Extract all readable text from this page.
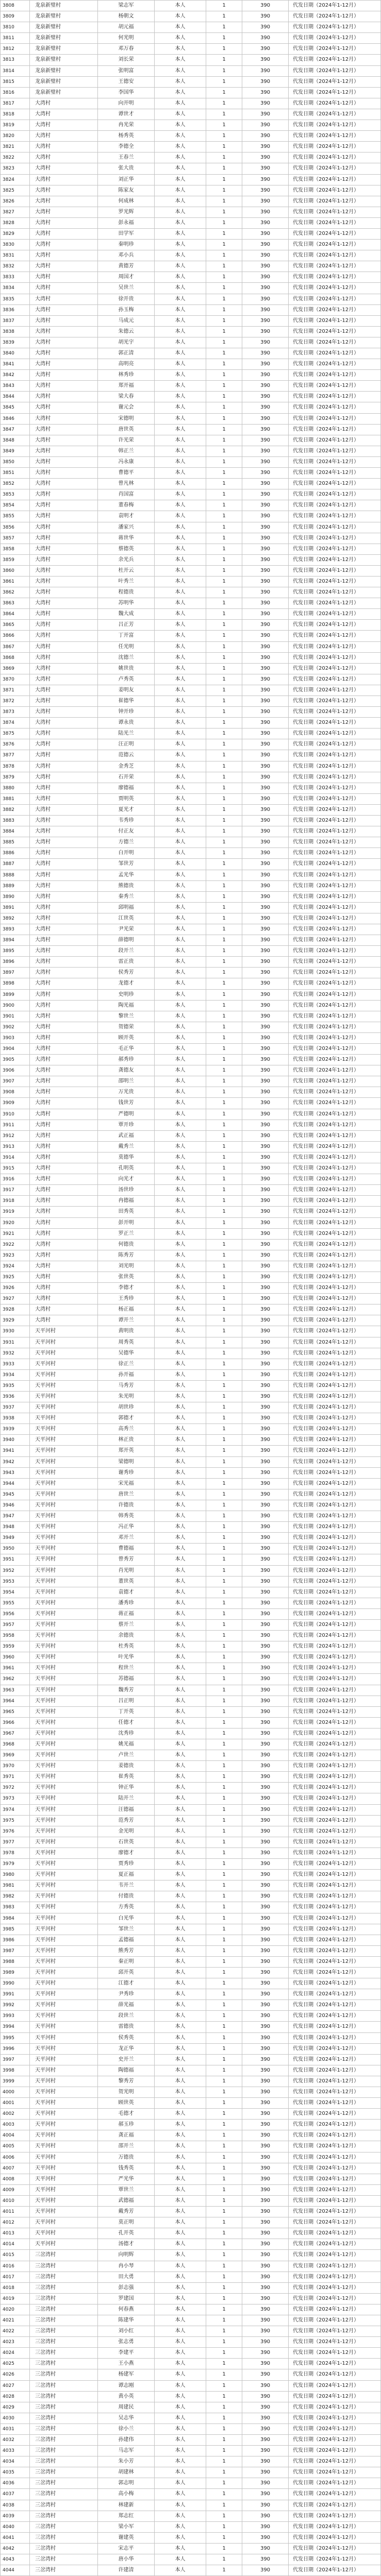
3808	龙泉新璧村	梁志军	本人	1	390	代发日期（2024年1-12月）
3809	龙泉新璧村	杨朝文	本人	1	390	代发日期（2024年1-12月）
3810	龙泉新璧村	胡元福	本人	1	390	代发日期（2024年1-12月）
3811	龙泉新璧村	何光明	本人	1	390	代发日期（2024年1-12月）
3812	龙泉新璧村	邓万春	本人	1	390	代发日期（2024年1-12月）
3813	龙泉新璧村	刘长荣	本人	1	390	代发日期（2024年1-12月）
3814	龙泉新璧村	张明富	本人	1	390	代发日期（2024年1-12月）
3815	龙泉新璧村	王德安	本人	1	390	代发日期（2024年1-12月）
3816	龙泉新璧村	李国华	本人	1	390	代发日期（2024年1-12月）
3817	大湾村	向开明	本人	1	390	代发日期（2024年1-12月）
3818	大湾村	谭世才	本人	1	390	代发日期（2024年1-12月）
3819	大湾村	冉光荣	本人	1	390	代发日期（2024年1-12月）
3820	大湾村	杨秀英	本人	1	390	代发日期（2024年1-12月）
3821	大湾村	李德全	本人	1	390	代发日期（2024年1-12月）
3822	大湾村	王春兰	本人	1	390	代发日期（2024年1-12月）
3823	大湾村	张大贵	本人	1	390	代发日期（2024年1-12月）
3824	大湾村	刘正华	本人	1	390	代发日期（2024年1-12月）
3825	大湾村	陈家友	本人	1	390	代发日期（2024年1-12月）
3826	大湾村	何成林	本人	1	390	代发日期（2024年1-12月）
3827	大湾村	罗光辉	本人	1	390	代发日期（2024年1-12月）
3828	大湾村	彭永福	本人	1	390	代发日期（2024年1-12月）
3829	大湾村	田学军	本人	1	390	代发日期（2024年1-12月）
3830	大湾村	秦明珍	本人	1	390	代发日期（2024年1-12月）
3831	大湾村	邓小兵	本人	1	390	代发日期（2024年1-12月）
3832	大湾村	黄德芳	本人	1	390	代发日期（2024年1-12月）
3833	大湾村	周国才	本人	1	390	代发日期（2024年1-12月）
3834	大湾村	吴世兰	本人	1	390	代发日期（2024年1-12月）
3835	大湾村	徐开贵	本人	1	390	代发日期（2024年1-12月）
3836	大湾村	孙玉梅	本人	1	390	代发日期（2024年1-12月）
3837	大湾村	马成元	本人	1	390	代发日期（2024年1-12月）
3838	大湾村	朱德云	本人	1	390	代发日期（2024年1-12月）
3839	大湾村	胡光宇	本人	1	390	代发日期（2024年1-12月）
3840	大湾村	郭正清	本人	1	390	代发日期（2024年1-12月）
3841	大湾村	高明亮	本人	1	390	代发日期（2024年1-12月）
3842	大湾村	林秀珍	本人	1	390	代发日期（2024年1-12月）
3843	大湾村	郑开福	本人	1	390	代发日期（2024年1-12月）
3844	大湾村	梁大春	本人	1	390	代发日期（2024年1-12月）
3845	大湾村	谢元会	本人	1	390	代发日期（2024年1-12月）
3846	大湾村	宋德明	本人	1	390	代发日期（2024年1-12月）
3847	大湾村	唐世英	本人	1	390	代发日期（2024年1-12月）
3848	大湾村	许光荣	本人	1	390	代发日期（2024年1-12月）
3849	大湾村	韩正兰	本人	1	390	代发日期（2024年1-12月）
3850	大湾村	冯永康	本人	1	390	代发日期（2024年1-12月）
3851	大湾村	曹德平	本人	1	390	代发日期（2024年1-12月）
3852	大湾村	曾凡林	本人	1	390	代发日期（2024年1-12月）
3853	大湾村	肖国富	本人	1	390	代发日期（2024年1-12月）
3854	大湾村	董春梅	本人	1	390	代发日期（2024年1-12月）
3855	大湾村	袁明才	本人	1	390	代发日期（2024年1-12月）
3856	大湾村	潘家兴	本人	1	390	代发日期（2024年1-12月）
3857	大湾村	蒋世华	本人	1	390	代发日期（2024年1-12月）
3858	大湾村	蔡德英	本人	1	390	代发日期（2024年1-12月）
3859	大湾村	余光兵	本人	1	390	代发日期（2024年1-12月）
3860	大湾村	杜开云	本人	1	390	代发日期（2024年1-12月）
3861	大湾村	叶秀兰	本人	1	390	代发日期（2024年1-12月）
3862	大湾村	程德贵	本人	1	390	代发日期（2024年1-12月）
3863	大湾村	苏明华	本人	1	390	代发日期（2024年1-12月）
3864	大湾村	魏大成	本人	1	390	代发日期（2024年1-12月）
3865	大湾村	吕正芳	本人	1	390	代发日期（2024年1-12月）
3866	大湾村	丁开富	本人	1	390	代发日期（2024年1-12月）
3867	大湾村	任光明	本人	1	390	代发日期（2024年1-12月）
3868	大湾村	沈德兰	本人	1	390	代发日期（2024年1-12月）
3869	大湾村	姚世贵	本人	1	390	代发日期（2024年1-12月）
3870	大湾村	卢秀英	本人	1	390	代发日期（2024年1-12月）
3871	大湾村	姜明友	本人	1	390	代发日期（2024年1-12月）
3872	大湾村	崔德华	本人	1	390	代发日期（2024年1-12月）
3873	大湾村	钟开珍	本人	1	390	代发日期（2024年1-12月）
3874	大湾村	谭永贵	本人	1	390	代发日期（2024年1-12月）
3875	大湾村	陆光兰	本人	1	390	代发日期（2024年1-12月）
3876	大湾村	汪正明	本人	1	390	代发日期（2024年1-12月）
3877	大湾村	范德云	本人	1	390	代发日期（2024年1-12月）
3878	大湾村	金秀芝	本人	1	390	代发日期（2024年1-12月）
3879	大湾村	石开荣	本人	1	390	代发日期（2024年1-12月）
3880	大湾村	廖德福	本人	1	390	代发日期（2024年1-12月）
3881	大湾村	贾明英	本人	1	390	代发日期（2024年1-12月）
3882	大湾村	夏光才	本人	1	390	代发日期（2024年1-12月）
3883	大湾村	韦秀珍	本人	1	390	代发日期（2024年1-12月）
3884	大湾村	付正友	本人	1	390	代发日期（2024年1-12月）
3885	大湾村	方德兰	本人	1	390	代发日期（2024年1-12月）
3886	大湾村	白开明	本人	1	390	代发日期（2024年1-12月）
3887	大湾村	邹世芳	本人	1	390	代发日期（2024年1-12月）
3888	大湾村	孟光华	本人	1	390	代发日期（2024年1-12月）
3889	大湾村	熊德贵	本人	1	390	代发日期（2024年1-12月）
3890	大湾村	秦秀兰	本人	1	390	代发日期（2024年1-12月）
3891	大湾村	邱明福	本人	1	390	代发日期（2024年1-12月）
3892	大湾村	江世英	本人	1	390	代发日期（2024年1-12月）
3893	大湾村	尹光荣	本人	1	390	代发日期（2024年1-12月）
3894	大湾村	薛德明	本人	1	390	代发日期（2024年1-12月）
3895	大湾村	段开兰	本人	1	390	代发日期（2024年1-12月）
3896	大湾村	雷正贵	本人	1	390	代发日期（2024年1-12月）
3897	大湾村	侯秀芳	本人	1	390	代发日期（2024年1-12月）
3898	大湾村	龙德才	本人	1	390	代发日期（2024年1-12月）
3899	大湾村	史明珍	本人	1	390	代发日期（2024年1-12月）
3900	大湾村	陶光福	本人	1	390	代发日期（2024年1-12月）
3901	大湾村	黎世兰	本人	1	390	代发日期（2024年1-12月）
3902	大湾村	贺德荣	本人	1	390	代发日期（2024年1-12月）
3903	大湾村	顾开英	本人	1	390	代发日期（2024年1-12月）
3904	大湾村	毛正华	本人	1	390	代发日期（2024年1-12月）
3905	大湾村	郝秀珍	本人	1	390	代发日期（2024年1-12月）
3906	大湾村	龚德友	本人	1	390	代发日期（2024年1-12月）
3907	大湾村	邵明兰	本人	1	390	代发日期（2024年1-12月）
3908	大湾村	万光贵	本人	1	390	代发日期（2024年1-12月）
3909	大湾村	钱世芳	本人	1	390	代发日期（2024年1-12月）
3910	大湾村	严德明	本人	1	390	代发日期（2024年1-12月）
3911	大湾村	覃开珍	本人	1	390	代发日期（2024年1-12月）
3912	大湾村	武正福	本人	1	390	代发日期（2024年1-12月）
3913	大湾村	戴秀兰	本人	1	390	代发日期（2024年1-12月）
3914	大湾村	莫德华	本人	1	390	代发日期（2024年1-12月）
3915	大湾村	孔明英	本人	1	390	代发日期（2024年1-12月）
3916	大湾村	向光才	本人	1	390	代发日期（2024年1-12月）
3917	大湾村	汤世珍	本人	1	390	代发日期（2024年1-12月）
3918	大湾村	冉德福	本人	1	390	代发日期（2024年1-12月）
3919	大湾村	田秀英	本人	1	390	代发日期（2024年1-12月）
3920	大湾村	彭开明	本人	1	390	代发日期（2024年1-12月）
3921	大湾村	罗正兰	本人	1	390	代发日期（2024年1-12月）
3922	大湾村	何德贵	本人	1	390	代发日期（2024年1-12月）
3923	大湾村	陈秀芳	本人	1	390	代发日期（2024年1-12月）
3924	大湾村	刘光明	本人	1	390	代发日期（2024年1-12月）
3925	大湾村	张世英	本人	1	390	代发日期（2024年1-12月）
3926	大湾村	李德才	本人	1	390	代发日期（2024年1-12月）
3927	大湾村	王秀珍	本人	1	390	代发日期（2024年1-12月）
3928	大湾村	杨正福	本人	1	390	代发日期（2024年1-12月）
3929	大湾村	谭开兰	本人	1	390	代发日期（2024年1-12月）
3930	天平河村	黄明贵	本人	1	390	代发日期（2024年1-12月）
3931	天平河村	周秀英	本人	1	390	代发日期（2024年1-12月）
3932	天平河村	吴德华	本人	1	390	代发日期（2024年1-12月）
3933	天平河村	徐正兰	本人	1	390	代发日期（2024年1-12月）
3934	天平河村	孙开福	本人	1	390	代发日期（2024年1-12月）
3935	天平河村	马秀芳	本人	1	390	代发日期（2024年1-12月）
3936	天平河村	朱光明	本人	1	390	代发日期（2024年1-12月）
3937	天平河村	胡世珍	本人	1	390	代发日期（2024年1-12月）
3938	天平河村	郭德才	本人	1	390	代发日期（2024年1-12月）
3939	天平河村	高秀兰	本人	1	390	代发日期（2024年1-12月）
3940	天平河村	林正贵	本人	1	390	代发日期（2024年1-12月）
3941	天平河村	郑开英	本人	1	390	代发日期（2024年1-12月）
3942	天平河村	梁德明	本人	1	390	代发日期（2024年1-12月）
3943	天平河村	谢秀珍	本人	1	390	代发日期（2024年1-12月）
3944	天平河村	宋光福	本人	1	390	代发日期（2024年1-12月）
3945	天平河村	唐世兰	本人	1	390	代发日期（2024年1-12月）
3946	天平河村	许德贵	本人	1	390	代发日期（2024年1-12月）
3947	天平河村	韩秀英	本人	1	390	代发日期（2024年1-12月）
3948	天平河村	冯正华	本人	1	390	代发日期（2024年1-12月）
3949	天平河村	邓开兰	本人	1	390	代发日期（2024年1-12月）
3950	天平河村	曹德福	本人	1	390	代发日期（2024年1-12月）
3951	天平河村	曾秀芳	本人	1	390	代发日期（2024年1-12月）
3952	天平河村	肖光明	本人	1	390	代发日期（2024年1-12月）
3953	天平河村	董世英	本人	1	390	代发日期（2024年1-12月）
3954	天平河村	袁德才	本人	1	390	代发日期（2024年1-12月）
3955	天平河村	潘秀珍	本人	1	390	代发日期（2024年1-12月）
3956	天平河村	蒋正福	本人	1	390	代发日期（2024年1-12月）
3957	天平河村	蔡开兰	本人	1	390	代发日期（2024年1-12月）
3958	天平河村	余德贵	本人	1	390	代发日期（2024年1-12月）
3959	天平河村	杜秀英	本人	1	390	代发日期（2024年1-12月）
3960	天平河村	叶光华	本人	1	390	代发日期（2024年1-12月）
3961	天平河村	程世兰	本人	1	390	代发日期（2024年1-12月）
3962	天平河村	苏德福	本人	1	390	代发日期（2024年1-12月）
3963	天平河村	魏秀芳	本人	1	390	代发日期（2024年1-12月）
3964	天平河村	吕正明	本人	1	390	代发日期（2024年1-12月）
3965	天平河村	丁开英	本人	1	390	代发日期（2024年1-12月）
3966	天平河村	任德才	本人	1	390	代发日期（2024年1-12月）
3967	天平河村	沈秀珍	本人	1	390	代发日期（2024年1-12月）
3968	天平河村	姚光福	本人	1	390	代发日期（2024年1-12月）
3969	天平河村	卢世兰	本人	1	390	代发日期（2024年1-12月）
3970	天平河村	姜德贵	本人	1	390	代发日期（2024年1-12月）
3971	天平河村	崔秀英	本人	1	390	代发日期（2024年1-12月）
3972	天平河村	钟正华	本人	1	390	代发日期（2024年1-12月）
3973	天平河村	陆开兰	本人	1	390	代发日期（2024年1-12月）
3974	天平河村	汪德福	本人	1	390	代发日期（2024年1-12月）
3975	天平河村	范秀芳	本人	1	390	代发日期（2024年1-12月）
3976	天平河村	金光明	本人	1	390	代发日期（2024年1-12月）
3977	天平河村	石世英	本人	1	390	代发日期（2024年1-12月）
3978	天平河村	廖德才	本人	1	390	代发日期（2024年1-12月）
3979	天平河村	贾秀珍	本人	1	390	代发日期（2024年1-12月）
3980	天平河村	夏正福	本人	1	390	代发日期（2024年1-12月）
3981	天平河村	韦开兰	本人	1	390	代发日期（2024年1-12月）
3982	天平河村	付德贵	本人	1	390	代发日期（2024年1-12月）
3983	天平河村	方秀英	本人	1	390	代发日期（2024年1-12月）
3984	天平河村	白光华	本人	1	390	代发日期（2024年1-12月）
3985	天平河村	邹世兰	本人	1	390	代发日期（2024年1-12月）
3986	天平河村	孟德福	本人	1	390	代发日期（2024年1-12月）
3987	天平河村	熊秀芳	本人	1	390	代发日期（2024年1-12月）
3988	天平河村	秦正明	本人	1	390	代发日期（2024年1-12月）
3989	天平河村	邱开英	本人	1	390	代发日期（2024年1-12月）
3990	天平河村	江德才	本人	1	390	代发日期（2024年1-12月）
3991	天平河村	尹秀珍	本人	1	390	代发日期（2024年1-12月）
3992	天平河村	薛光福	本人	1	390	代发日期（2024年1-12月）
3993	天平河村	段世兰	本人	1	390	代发日期（2024年1-12月）
3994	天平河村	雷德贵	本人	1	390	代发日期（2024年1-12月）
3995	天平河村	侯秀英	本人	1	390	代发日期（2024年1-12月）
3996	天平河村	龙正华	本人	1	390	代发日期（2024年1-12月）
3997	天平河村	史开兰	本人	1	390	代发日期（2024年1-12月）
3998	天平河村	陶德福	本人	1	390	代发日期（2024年1-12月）
3999	天平河村	黎秀芳	本人	1	390	代发日期（2024年1-12月）
4000	天平河村	贺光明	本人	1	390	代发日期（2024年1-12月）
4001	天平河村	顾世英	本人	1	390	代发日期（2024年1-12月）
4002	天平河村	毛德才	本人	1	390	代发日期（2024年1-12月）
4003	天平河村	郝玉珍	本人	1	390	代发日期（2024年1-12月）
4004	天平河村	龚正福	本人	1	390	代发日期（2024年1-12月）
4005	天平河村	邵开兰	本人	1	390	代发日期（2024年1-12月）
4006	天平河村	万德贵	本人	1	390	代发日期（2024年1-12月）
4007	天平河村	钱秀英	本人	1	390	代发日期（2024年1-12月）
4008	天平河村	严光华	本人	1	390	代发日期（2024年1-12月）
4009	天平河村	覃世兰	本人	1	390	代发日期（2024年1-12月）
4010	天平河村	武德福	本人	1	390	代发日期（2024年1-12月）
4011	天平河村	戴秀芳	本人	1	390	代发日期（2024年1-12月）
4012	天平河村	莫正明	本人	1	390	代发日期（2024年1-12月）
4013	天平河村	孔开英	本人	1	390	代发日期（2024年1-12月）
4014	天平河村	汤德才	本人	1	390	代发日期（2024年1-12月）
4015	三岔湾村	向明辉	本人	1	390	代发日期（2024年1-12月）
4016	三岔湾村	冉小琴	本人	1	390	代发日期（2024年1-12月）
4017	三岔湾村	田大勇	本人	1	390	代发日期（2024年1-12月）
4018	三岔湾村	彭志强	本人	1	390	代发日期（2024年1-12月）
4019	三岔湾村	罗建国	本人	1	390	代发日期（2024年1-12月）
4020	三岔湾村	何春燕	本人	1	390	代发日期（2024年1-12月）
4021	三岔湾村	陈建华	本人	1	390	代发日期（2024年1-12月）
4022	三岔湾村	刘小红	本人	1	390	代发日期（2024年1-12月）
4023	三岔湾村	张志勇	本人	1	390	代发日期（2024年1-12月）
4024	三岔湾村	李建平	本人	1	390	代发日期（2024年1-12月）
4025	三岔湾村	王小燕	本人	1	390	代发日期（2024年1-12月）
4026	三岔湾村	杨建军	本人	1	390	代发日期（2024年1-12月）
4027	三岔湾村	谭志刚	本人	1	390	代发日期（2024年1-12月）
4028	三岔湾村	黄小英	本人	1	390	代发日期（2024年1-12月）
4029	三岔湾村	周建民	本人	1	390	代发日期（2024年1-12月）
4030	三岔湾村	吴志华	本人	1	390	代发日期（2024年1-12月）
4031	三岔湾村	徐小兰	本人	1	390	代发日期（2024年1-12月）
4032	三岔湾村	孙建伟	本人	1	390	代发日期（2024年1-12月）
4033	三岔湾村	马志军	本人	1	390	代发日期（2024年1-12月）
4034	三岔湾村	朱小芳	本人	1	390	代发日期（2024年1-12月）
4035	三岔湾村	胡建林	本人	1	390	代发日期（2024年1-12月）
4036	三岔湾村	郭志明	本人	1	390	代发日期（2024年1-12月）
4037	三岔湾村	高小梅	本人	1	390	代发日期（2024年1-12月）
4038	三岔湾村	林建新	本人	1	390	代发日期（2024年1-12月）
4039	三岔湾村	郑志红	本人	1	390	代发日期（2024年1-12月）
4040	三岔湾村	梁小军	本人	1	390	代发日期（2024年1-12月）
4041	三岔湾村	谢建英	本人	1	390	代发日期（2024年1-12月）
4042	三岔湾村	宋志平	本人	1	390	代发日期（2024年1-12月）
4043	三岔湾村	唐小华	本人	1	390	代发日期（2024年1-12月）
4044	三岔湾村	许建清	本人	1	390	代发日期（2024年1-12月）
